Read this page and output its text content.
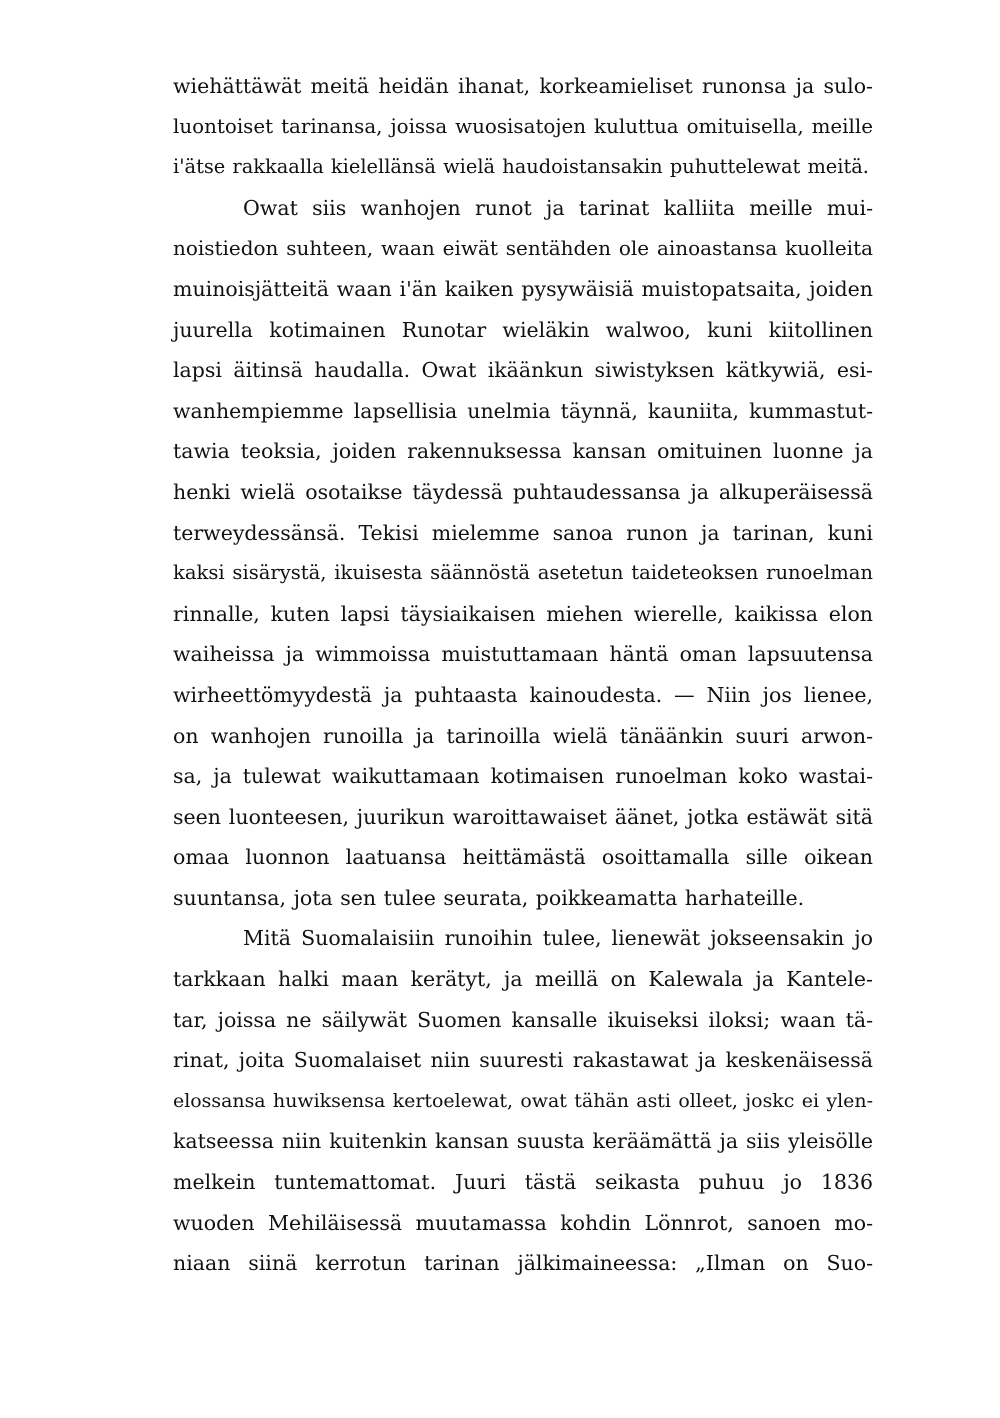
wiehättäwät meitä heidän ihanat, korkeamieliset runonsa ja sulo-
luontoiset tarinansa, joissa wuosisatojen kuluttua omituisella, meille
i'ätse rakkaalla kielellänsä wielä haudoistansakin puhuttelewat meitä.

Owat siis wanhojen runot ja tarinat kalliita meille mui-
noistiedon suhteen, waan eiwät sentähden ole ainoastansa kuolleita
muinoisjätteitä waan i'än kaiken pysywäisiä muistopatsaita, joiden
juurella kotimainen Runotar wieläkin walwoo, kuni kiitollinen
lapsi äitinsä haudalla. Owat ikäänkun siwistyksen kätkywiä, esi-
wanhempiemme lapsellisia unelmia täynnä, kauniita, kummastut-
tawia teoksia, joiden rakennuksessa kansan omituinen luonne ja
henki wielä osotaikse täydessä puhtaudessansa ja alkuperäisessä
terweydessänsä. Tekisi mielemme sanoa runon ja tarinan, kuni
kaksi sisärystä, ikuisesta säännöstä asetetun taideteoksen runoelman
rinnalle, kuten lapsi täysiaikaisen miehen wierelle, kaikissa elon
waiheissa ja wimmoissa muistuttamaan häntä oman lapsuutensa
wirheettömyydestä ja puhtaasta kainoudesta. — Niin jos lienee,
on wanhojen runoilla ja tarinoilla wielä tänäänkin suuri arwon-
sa, ja tulewat waikuttamaan kotimaisen runoelman koko wastai-
seen luonteesen, juurikun waroittawaiset äänet, jotka estäwät sitä
omaa luonnon laatuansa heittämästä osoittamalla sille oikean
suuntansa, jota sen tulee seurata, poikkeamatta harhateille.

Mitä Suomalaisiin runoihin tulee, lienewät jokseensakin jo
tarkkaan halki maan kerätyt, ja meillä on Kalewala ja Kantele-
tar, joissa ne säilywät Suomen kansalle ikuiseksi iloksi; waan tä-
rinat, joita Suomalaiset niin suuresti rakastawat ja keskenäisessä
elossansa huwiksensa kertoelewat, owat tähän asti olleet, joskc ei ylen-
katseessa niin kuitenkin kansan suusta keräämättä ja siis yleisölle
melkein tuntemattomat. Juuri tästä seikasta puhuu jo 1836
wuoden Mehiläisessä muutamassa kohdin Lönnrot, sanoen mo-
niaan siinä kerrotun tarinan jälkimaineessa: „Ilman on Suo-
